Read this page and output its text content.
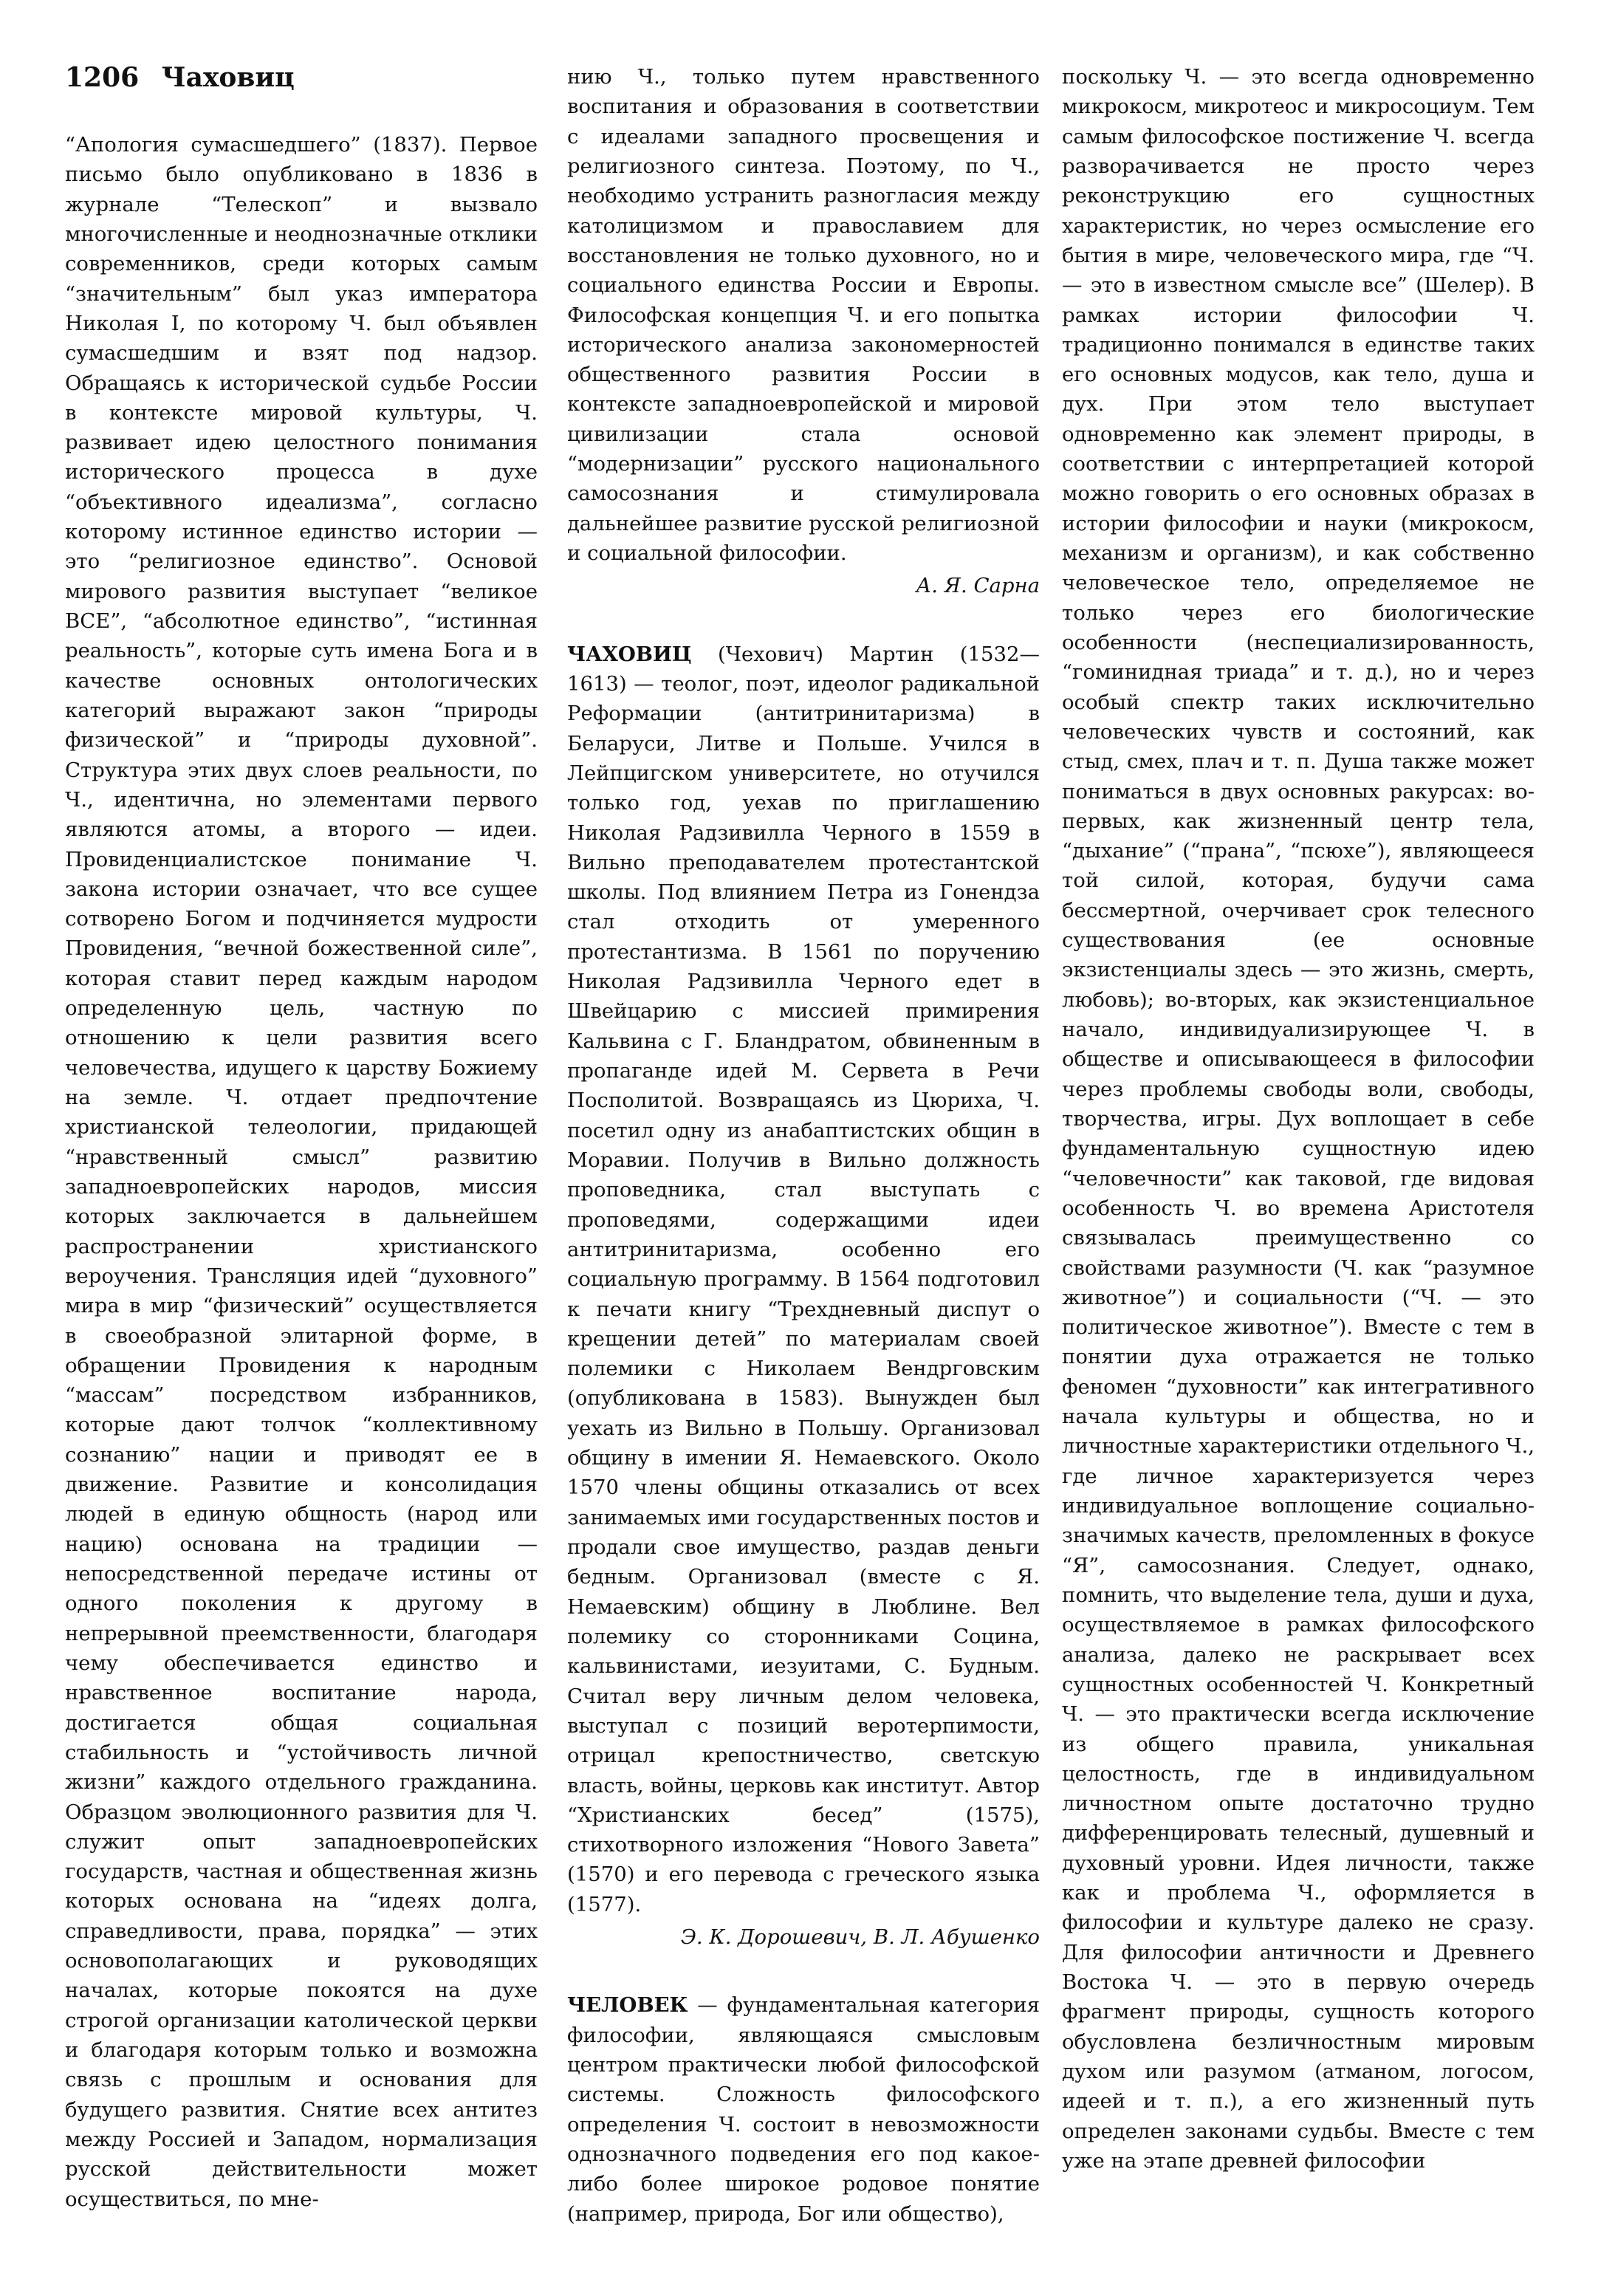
1206 Чаховиц

“Апология сумасшедшего” (1837). Первое письмо было опубликовано в 1836 в журнале “Телескоп” и вызвало многочисленные и неоднозначные отклики современников, среди которых самым “значительным” был указ императора Николая I, по которому Ч. был объявлен сумасшедшим и взят под надзор. Обращаясь к исторической судьбе России в контексте мировой культуры, Ч. развивает идею целостного понимания исторического процесса в духе “объективного идеализма”, согласно которому истинное единство истории — это “религиозное единство”. Основой мирового развития выступает “великое ВСЕ”, “абсолютное единство”, “истинная реальность”, которые суть имена Бога и в качестве основных онтологических категорий выражают закон “природы физической” и “природы духовной”. Структура этих двух слоев реальности, по Ч., идентична, но элементами первого являются атомы, а второго — идеи. Провиденциалистское понимание Ч. закона истории означает, что все сущее сотворено Богом и подчиняется мудрости Провидения, “вечной божественной силе”, которая ставит перед каждым народом определенную цель, частную по отношению к цели развития всего человечества, идущего к царству Божиему на земле. Ч. отдает предпочтение христианской телеологии, придающей “нравственный смысл” развитию западноевропейских народов, миссия которых заключается в дальнейшем распространении христианского вероучения. Трансляция идей “духовного” мира в мир “физический” осуществляется в своеобразной элитарной форме, в обращении Провидения к народным “массам” посредством избранников, которые дают толчок “коллективному сознанию” нации и приводят ее в движение. Развитие и консолидация людей в единую общность (народ или нацию) основана на традиции — непосредственной передаче истины от одного поколения к другому в непрерывной преемственности, благодаря чему обеспечивается единство и нравственное воспитание народа, достигается общая социальная стабильность и “устойчивость личной жизни” каждого отдельного гражданина. Образцом эволюционного развития для Ч. служит опыт западноевропейских государств, частная и общественная жизнь которых основана на “идеях долга, справедливости, права, порядка” — этих основополагающих и руководящих началах, которые покоятся на духе строгой организации католической церкви и благодаря которым только и возможна связь с прошлым и основания для будущего развития. Снятие всех антитез между Россией и Западом, нормализация русской действительности может осуществиться, по мне-

нию Ч., только путем нравственного воспитания и образования в соответствии с идеалами западного просвещения и религиозного синтеза. Поэтому, по Ч., необходимо устранить разногласия между католицизмом и православием для восстановления не только духовного, но и социального единства России и Европы. Философская концепция Ч. и его попытка исторического анализа закономерностей общественного развития России в контексте западноевропейской и мировой цивилизации стала основой “модернизации” русского национального самосознания и стимулировала дальнейшее развитие русской религиозной и социальной философии.

А. Я. Сарна

ЧАХОВИЦ (Чехович) Мартин (1532—1613) — теолог, поэт, идеолог радикальной Реформации (антитринитаризма) в Беларуси, Литве и Польше. Учился в Лейпцигском университете, но отучился только год, уехав по приглашению Николая Радзивилла Черного в 1559 в Вильно преподавателем протестантской школы. Под влиянием Петра из Гонендза стал отходить от умеренного протестантизма. В 1561 по поручению Николая Радзивилла Черного едет в Швейцарию с миссией примирения Кальвина с Г. Бландратом, обвиненным в пропаганде идей М. Сервета в Речи Посполитой. Возвращаясь из Цюриха, Ч. посетил одну из анабаптистских общин в Моравии. Получив в Вильно должность проповедника, стал выступать с проповедями, содержащими идеи антитринитаризма, особенно его социальную программу. В 1564 подготовил к печати книгу “Трехдневный диспут о крещении детей” по материалам своей полемики с Николаем Вендрговским (опубликована в 1583). Вынужден был уехать из Вильно в Польшу. Организовал общину в имении Я. Немаевского. Около 1570 члены общины отказались от всех занимаемых ими государственных постов и продали свое имущество, раздав деньги бедным. Организовал (вместе с Я. Немаевским) общину в Люблине. Вел полемику со сторонниками Социна, кальвинистами, иезуитами, С. Будным. Считал веру личным делом человека, выступал с позиций веротерпимости, отрицал крепостничество, светскую власть, войны, церковь как институт. Автор “Христианских бесед” (1575), стихотворного изложения “Нового Завета” (1570) и его перевода с греческого языка (1577).

Э. К. Дорошевич, В. Л. Абушенко

ЧЕЛОВЕК — фундаментальная категория философии, являющаяся смысловым центром практически любой философской системы. Сложность философского определения Ч. состоит в невозможности однозначного подведения его под какое-либо более широкое родовое понятие (например, природа, Бог или общество),

поскольку Ч. — это всегда одновременно микрокосм, микротеос и микросоциум. Тем самым философское постижение Ч. всегда разворачивается не просто через реконструкцию его сущностных характеристик, но через осмысление его бытия в мире, человеческого мира, где “Ч. — это в известном смысле все” (Шелер). В рамках истории философии Ч. традиционно понимался в единстве таких его основных модусов, как тело, душа и дух. При этом тело выступает одновременно как элемент природы, в соответствии с интерпретацией которой можно говорить о его основных образах в истории философии и науки (микрокосм, механизм и организм), и как собственно человеческое тело, определяемое не только через его биологические особенности (неспециализированность, “гоминидная триада” и т. д.), но и через особый спектр таких исключительно человеческих чувств и состояний, как стыд, смех, плач и т. п. Душа также может пониматься в двух основных ракурсах: во-первых, как жизненный центр тела, “дыхание” (“прана”, “псюхе”), являющееся той силой, которая, будучи сама бессмертной, очерчивает срок телесного существования (ее основные экзистенциалы здесь — это жизнь, смерть, любовь); во-вторых, как экзистенциальное начало, индивидуализирующее Ч. в обществе и описывающееся в философии через проблемы свободы воли, свободы, творчества, игры. Дух воплощает в себе фундаментальную сущностную идею “человечности” как таковой, где видовая особенность Ч. во времена Аристотеля связывалась преимущественно со свойствами разумности (Ч. как “разумное животное”) и социальности (“Ч. — это политическое животное”). Вместе с тем в понятии духа отражается не только феномен “духовности” как интегративного начала культуры и общества, но и личностные характеристики отдельного Ч., где личное характеризуется через индивидуальное воплощение социально-значимых качеств, преломленных в фокусе “Я”, самосознания. Следует, однако, помнить, что выделение тела, души и духа, осуществляемое в рамках философского анализа, далеко не раскрывает всех сущностных особенностей Ч. Конкретный Ч. — это практически всегда исключение из общего правила, уникальная целостность, где в индивидуальном личностном опыте достаточно трудно дифференцировать телесный, душевный и духовный уровни. Идея личности, также как и проблема Ч., оформляется в философии и культуре далеко не сразу. Для философии античности и Древнего Востока Ч. — это в первую очередь фрагмент природы, сущность которого обусловлена безличностным мировым духом или разумом (атманом, логосом, идеей и т. п.), а его жизненный путь определен законами судьбы. Вместе с тем уже на этапе древней философии
